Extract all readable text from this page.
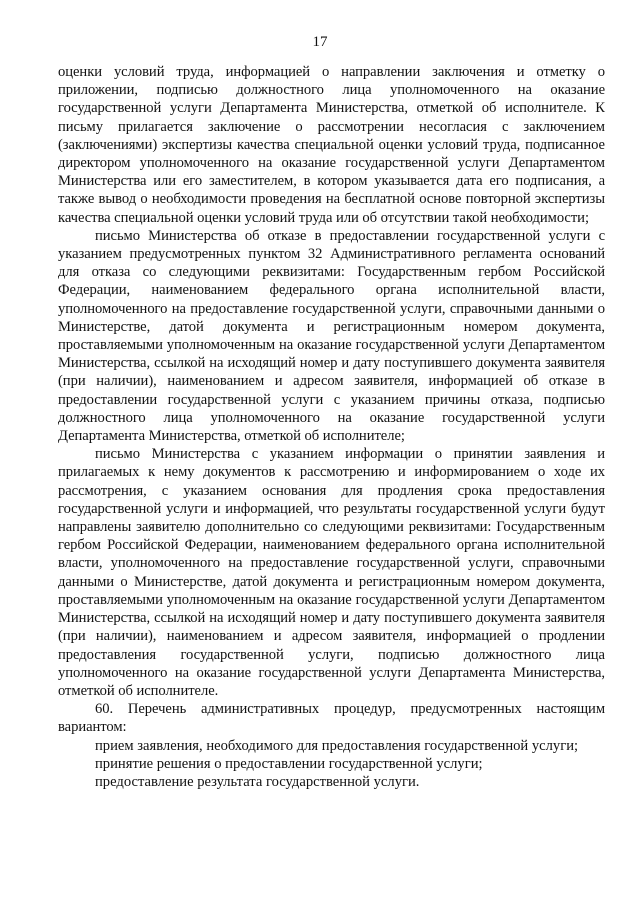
17

оценки условий труда, информацией о направлении заключения и отметку о приложении, подписью должностного лица уполномоченного на оказание государственной услуги Департамента Министерства, отметкой об исполнителе. К письму прилагается заключение о рассмотрении несогласия с заключением (заключениями) экспертизы качества специальной оценки условий труда, подписанное директором уполномоченного на оказание государственной услуги Департаментом Министерства или его заместителем, в котором указывается дата его подписания, а также вывод о необходимости проведения на бесплатной основе повторной экспертизы качества специальной оценки условий труда или об отсутствии такой необходимости;

письмо Министерства об отказе в предоставлении государственной услуги с указанием предусмотренных пунктом 32 Административного регламента оснований для отказа со следующими реквизитами: Государственным гербом Российской Федерации, наименованием федерального органа исполнительной власти, уполномоченного на предоставление государственной услуги, справочными данными о Министерстве, датой документа и регистрационным номером документа, проставляемыми уполномоченным на оказание государственной услуги Департаментом Министерства, ссылкой на исходящий номер и дату поступившего документа заявителя (при наличии), наименованием и адресом заявителя, информацией об отказе в предоставлении государственной услуги с указанием причины отказа, подписью должностного лица уполномоченного на оказание государственной услуги Департамента Министерства, отметкой об исполнителе;

письмо Министерства с указанием информации о принятии заявления и прилагаемых к нему документов к рассмотрению и информированием о ходе их рассмотрения, с указанием основания для продления срока предоставления государственной услуги и информацией, что результаты государственной услуги будут направлены заявителю дополнительно со следующими реквизитами: Государственным гербом Российской Федерации, наименованием федерального органа исполнительной власти, уполномоченного на предоставление государственной услуги, справочными данными о Министерстве, датой документа и регистрационным номером документа, проставляемыми уполномоченным на оказание государственной услуги Департаментом Министерства, ссылкой на исходящий номер и дату поступившего документа заявителя (при наличии), наименованием и адресом заявителя, информацией о продлении предоставления государственной услуги, подписью должностного лица уполномоченного на оказание государственной услуги Департамента Министерства, отметкой об исполнителе.

60. Перечень административных процедур, предусмотренных настоящим вариантом:

прием заявления, необходимого для предоставления государственной услуги;

принятие решения о предоставлении государственной услуги;

предоставление результата государственной услуги.
